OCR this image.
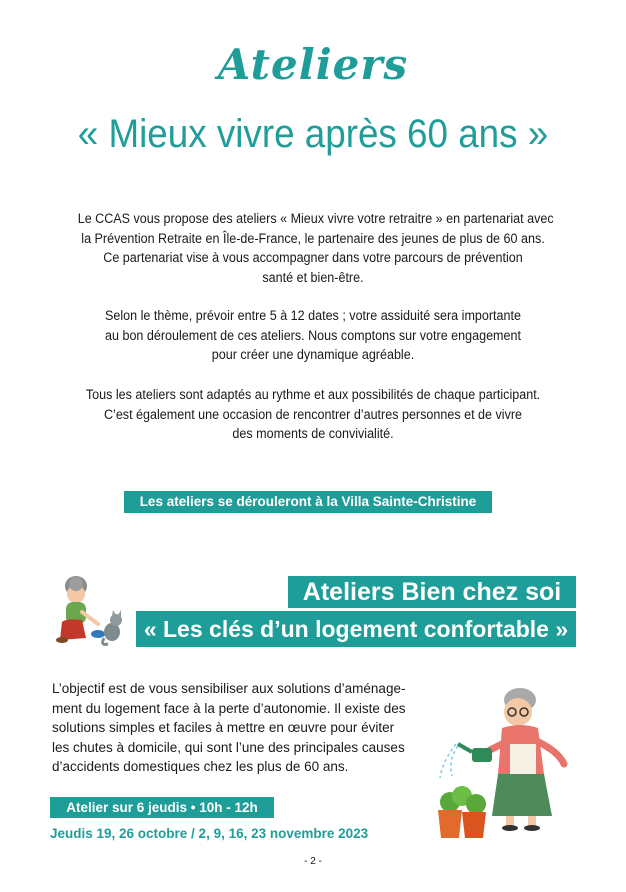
Ateliers
« Mieux vivre après 60 ans »
Le CCAS vous propose des ateliers « Mieux vivre votre retraitre » en partenariat avec
la Prévention Retraite en Île-de-France, le partenaire des jeunes de plus de 60 ans.
Ce partenariat vise à vous accompagner dans votre parcours de prévention
santé et bien-être.
Selon le thème, prévoir entre 5 à 12 dates ; votre assiduité sera importante
au bon déroulement de ces ateliers. Nous comptons sur votre engagement
pour créer une dynamique agréable.
Tous les ateliers sont adaptés au rythme et aux possibilités de chaque participant.
C’est également une occasion de rencontrer d’autres personnes et de vivre
des moments de convivialité.
Les ateliers se dérouleront à la Villa Sainte-Christine
Ateliers Bien chez soi
« Les clés d’un logement confortable »
L’objectif est de vous sensibiliser aux solutions d’aménage-
ment du logement face à la perte d’autonomie. Il existe des
solutions simples et faciles à mettre en œuvre pour éviter
les chutes à domicile, qui sont l’une des principales causes
d’accidents domestiques chez les plus de 60 ans.
Atelier sur 6 jeudis • 10h - 12h
Jeudis 19, 26 octobre / 2, 9, 16, 23 novembre 2023
- 2 -
